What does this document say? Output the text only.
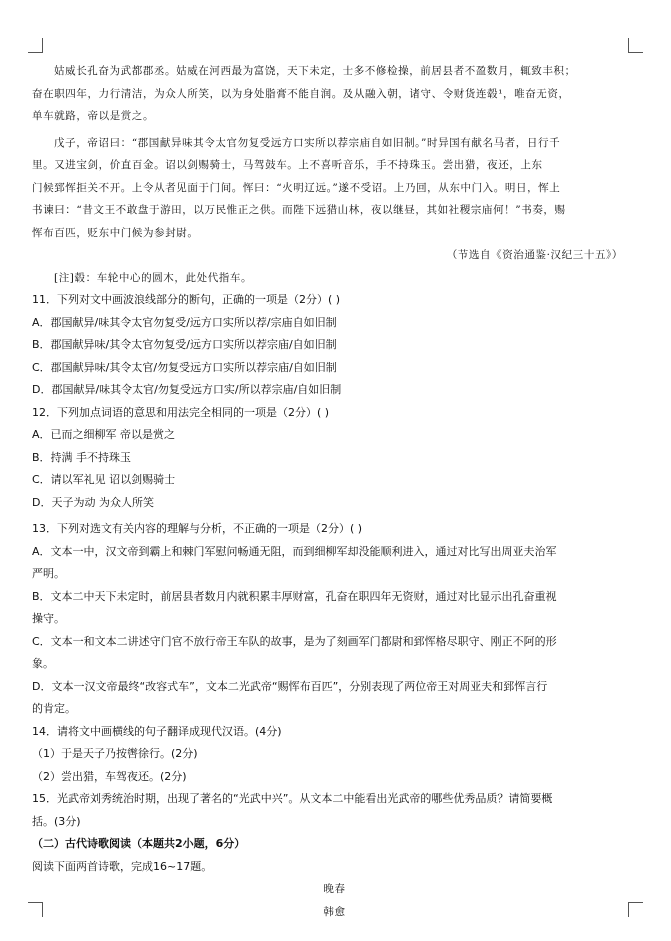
姑威长孔奋为武都郡丞。姑威在河西最为富饶，天下未定，士多不修检操，前居县者不盈数月，辄致丰积；
奋在职四年，力行清洁，为众人所笑，以为身处脂膏不能自润。及从融入朝，诸守、令财货连毂¹，唯奋无资，
单车就路，帝以是赏之。
戊子，帝诏曰：“郡国献异味其令太官勿复受远方口实所以荐宗庙自如旧制。”时异国有献名马者，日行千
里。又进宝剑，价直百金。诏以剑赐骑士，马驾鼓车。上不喜听音乐，手不持珠玉。尝出猎，夜还，上东
门候郅恽拒关不开。上令从者见面于门间。恽曰：“火明辽远。”遂不受诏。上乃回，从东中门入。明日，恽上
书谏曰：“昔文王不敢盘于游田，以万民惟正之供。而陛下远猎山林，夜以继昼，其如社稷宗庙何！”书奏，赐
恽布百匹，贬东中门候为参封尉。
（节选自《资治通鉴·汉纪三十五》）
[注]毂：车轮中心的圆木，此处代指车。
11．下列对文中画波浪线部分的断句，正确的一项是（2分）( )
A．郡国献异/味其令太官勿复受/远方口实所以荐/宗庙自如旧制
B．郡国献异味/其令太官勿复受/远方口实所以荐宗庙/自如旧制
C．郡国献异味/其令太官/勿复受远方口实所以荐宗庙/自如旧制
D．郡国献异/味其令太官/勿复受远方口实/所以荐宗庙/自如旧制
12．下列加点词语的意思和用法完全相同的一项是（2分）( )
A．已而之细柳军 帝以是赏之
B．持满 手不持珠玉
C．请以军礼见 诏以剑赐骑士
D．天子为动 为众人所笑
13．下列对选文有关内容的理解与分析，不正确的一项是（2分）( )
A．文本一中，汉文帝到霸上和棘门军慰问畅通无阻，而到细柳军却没能顺利进入，通过对比写出周亚夫治军
严明。
B．文本二中天下未定时，前居县者数月内就积累丰厚财富，孔奋在职四年无资财，通过对比显示出孔奋重视
操守。
C．文本一和文本二讲述守门官不放行帝王车队的故事，是为了刻画军门都尉和郅恽格尽职守、刚正不阿的形
象。
D．文本一汉文帝最终“改容式车”，文本二光武帝“赐恽布百匹”，分别表现了两位帝王对周亚夫和郅恽言行
的肯定。
14．请将文中画横线的句子翻译成现代汉语。(4分)
（1）于是天子乃按辔徐行。(2分)
（2）尝出猎，车驾夜还。(2分)
15．光武帝刘秀统治时期，出现了著名的“光武中兴”。从文本二中能看出光武帝的哪些优秀品质？请简要概
括。(3分)
（二）古代诗歌阅读（本题共2小题，6分）
阅读下面两首诗歌，完成16~17题。
晚春
韩愈
